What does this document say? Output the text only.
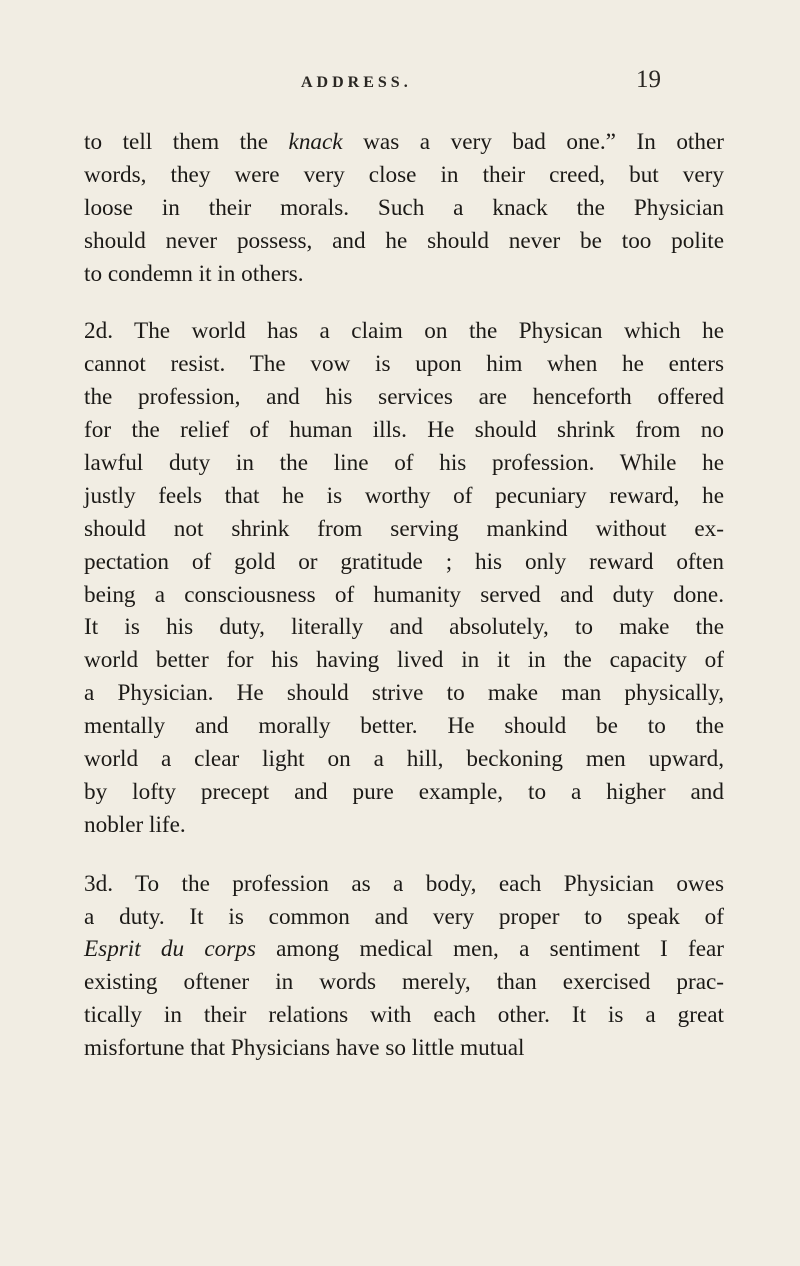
ADDRESS.	19
to tell them the knack was a very bad one.” In other
words, they were very close in their creed, but very
loose in their morals. Such a knack the Physician
should never possess, and he should never be too polite
to condemn it in others.
2d. The world has a claim on the Physican which he
cannot resist. The vow is upon him when he enters
the profession, and his services are henceforth offered
for the relief of human ills. He should shrink from no
lawful duty in the line of his profession. While he
justly feels that he is worthy of pecuniary reward, he
should not shrink from serving mankind without ex-
pectation of gold or gratitude ; his only reward often
being a consciousness of humanity served and duty done.
It is his duty, literally and absolutely, to make the
world better for his having lived in it in the capacity of
a Physician. He should strive to make man physically,
mentally and morally better. He should be to the
world a clear light on a hill, beckoning men upward,
by lofty precept and pure example, to a higher and
nobler life.
3d. To the profession as a body, each Physician owes
a duty. It is common and very proper to speak of
Esprit du corps among medical men, a sentiment I fear
existing oftener in words merely, than exercised prac-
tically in their relations with each other. It is a great
misfortune that Physicians have so little mutual
